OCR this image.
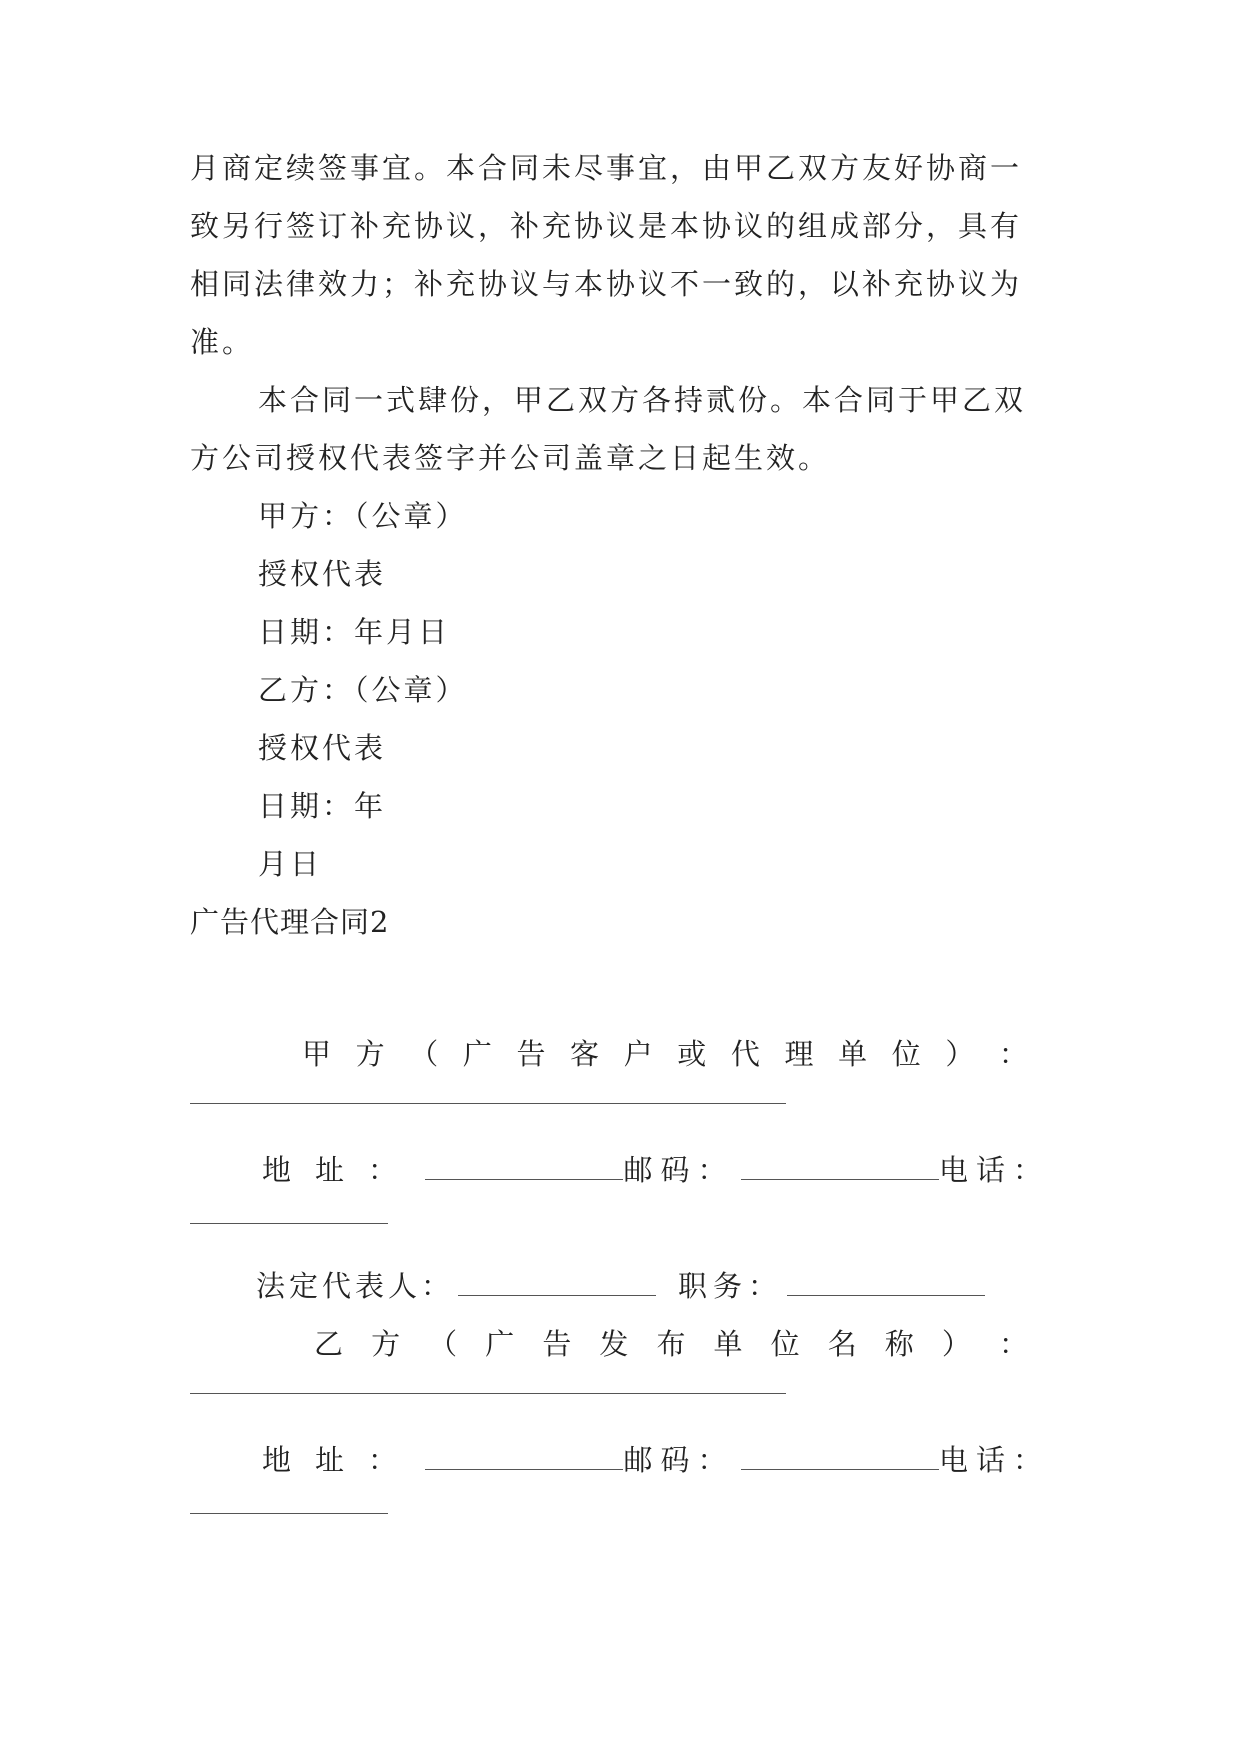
月商定续签事宜。本合同未尽事宜，由甲乙双方友好协商一
致另行签订补充协议，补充协议是本协议的组成部分，具有
相同法律效力；补充协议与本协议不一致的，以补充协议为
准。
本合同一式肆份，甲乙双方各持贰份。本合同于甲乙双
方公司授权代表签字并公司盖章之日起生效。
甲方：（公章）
授权代表
日期：年月日
乙方：（公章）
授权代表
日期：年
月日
广告代理合同2
甲 方 （ 广 告 客 户 或 代 理 单 位 ） ：
地址：	邮码：	电话：
法定代表人：	职务：
乙 方 （ 广 告 发 布 单 位 名 称 ） ：
地址：	邮码：	电话：
